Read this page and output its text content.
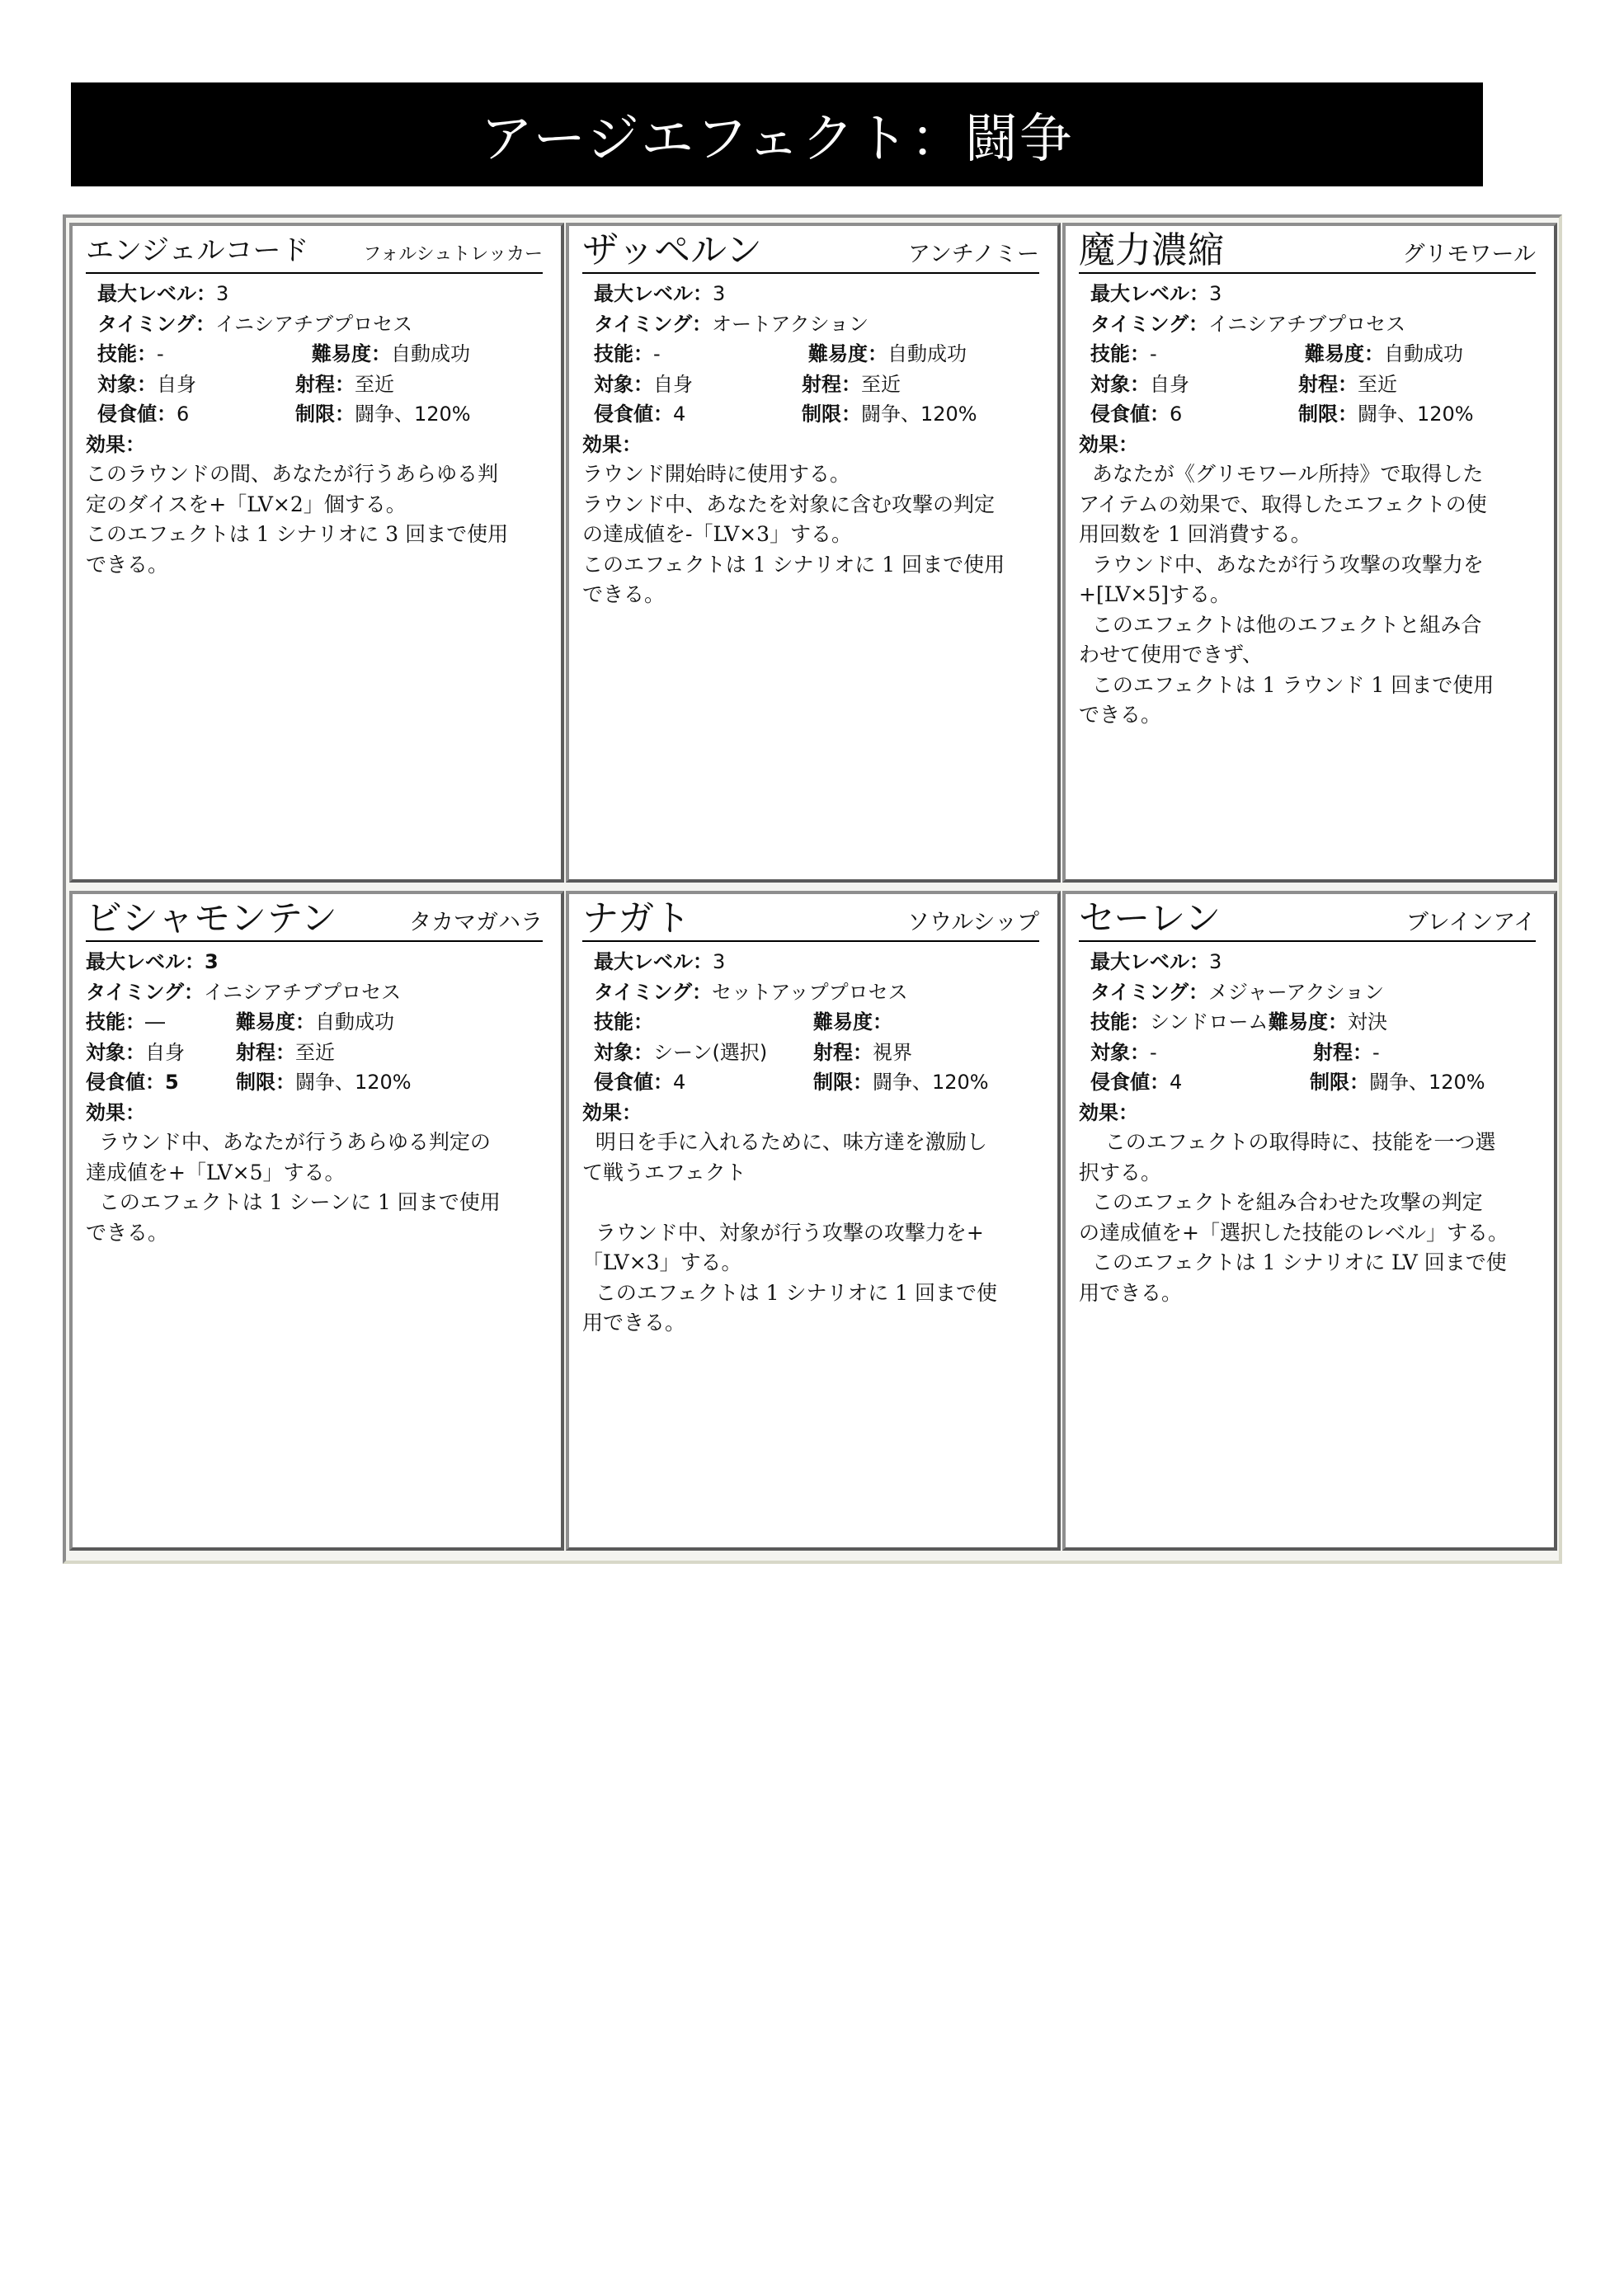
アージエフェクト：闘争
エンジェルコード	フォルシュトレッカー
最大レベル： 3
タイミング： イニシアチブプロセス
技能：-	難易度： 自動成功
対象：自身	射程： 至近
侵食値：6	制限： 闘争、120%
効果：
このラウンドの間、あなたが行うあらゆる判
定のダイスを+「LV×2」個する。
このエフェクトは 1 シナリオに 3 回まで使用
できる。
ザッペルン	アンチノミー
最大レベル： 3
タイミング： オートアクション
技能：-	難易度： 自動成功
対象：自身	射程： 至近
侵食値：4	制限： 闘争、120%
効果：
ラウンド開始時に使用する。
ラウンド中、あなたを対象に含む攻撃の判定
の達成値を-「LV×3」する。
このエフェクトは 1 シナリオに 1 回まで使用
できる。
魔力濃縮	グリモワール
最大レベル： 3
タイミング： イニシアチブプロセス
技能：-	難易度： 自動成功
対象：自身	射程： 至近
侵食値：6	制限： 闘争、120%
効果：
あなたが《グリモワール所持》で取得した
アイテムの効果で、取得したエフェクトの使
用回数を 1 回消費する。
ラウンド中、あなたが行う攻撃の攻撃力を
+[LV×5]する。
このエフェクトは他のエフェクトと組み合
わせて使用できず、
このエフェクトは 1 ラウンド 1 回まで使用
できる。
ビシャモンテン	タカマガハラ
最大レベル： 3
タイミング： イニシアチブプロセス
技能：―	難易度： 自動成功
対象：自身	射程： 至近
侵食値：5	制限： 闘争、120%
効果：
ラウンド中、あなたが行うあらゆる判定の
達成値を+「LV×5」する。
このエフェクトは 1 シーンに 1 回まで使用
できる。
ナガト	ソウルシップ
最大レベル： 3
タイミング： セットアッププロセス
技能：	難易度：
対象：シーン(選択)	射程： 視界
侵食値：4	制限： 闘争、120%
効果：
明日を手に入れるために、味方達を激励し
て戦うエフェクト

ラウンド中、対象が行う攻撃の攻撃力を+
「LV×3」する。
このエフェクトは 1 シナリオに 1 回まで使
用できる。
セーレン	ブレインアイ
最大レベル： 3
タイミング： メジャーアクション
技能：シンドローム 難易度： 対決
対象：-	射程： -
侵食値：4	制限： 闘争、120%
効果：
このエフェクトの取得時に、技能を一つ選
択する。
このエフェクトを組み合わせた攻撃の判定
の達成値を+「選択した技能のレベル」する。
このエフェクトは 1 シナリオに LV 回まで使
用できる。
